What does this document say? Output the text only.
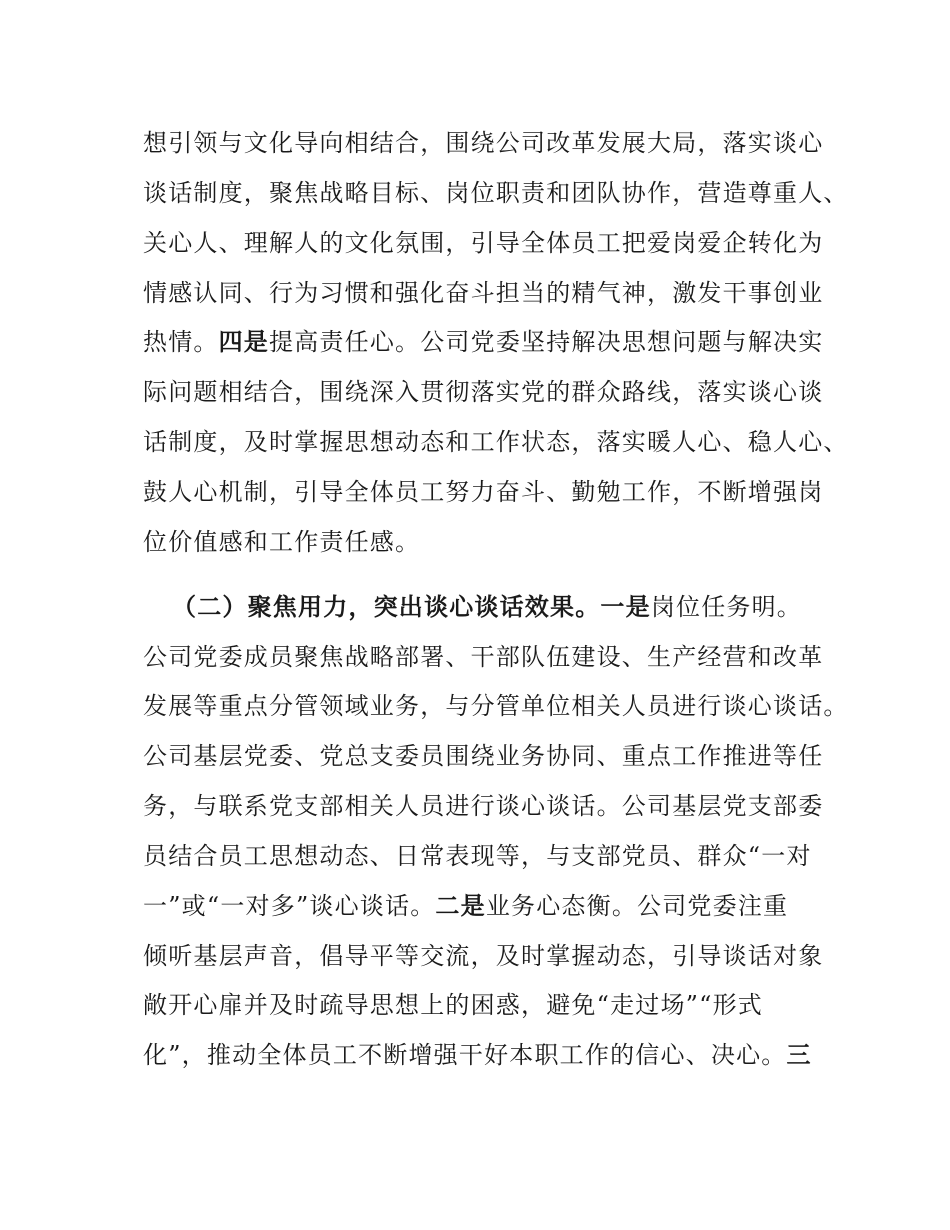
想引领与文化导向相结合，围绕公司改革发展大局，落实谈心
谈话制度，聚焦战略目标、岗位职责和团队协作，营造尊重人、
关心人、理解人的文化氛围，引导全体员工把爱岗爱企转化为
情感认同、行为习惯和强化奋斗担当的精气神，激发干事创业
热情。四是提高责任心。公司党委坚持解决思想问题与解决实
际问题相结合，围绕深入贯彻落实党的群众路线，落实谈心谈
话制度，及时掌握思想动态和工作状态，落实暖人心、稳人心、
鼓人心机制，引导全体员工努力奋斗、勤勉工作，不断增强岗
位价值感和工作责任感。
（二）聚焦用力，突出谈心谈话效果。一是岗位任务明。
公司党委成员聚焦战略部署、干部队伍建设、生产经营和改革
发展等重点分管领域业务，与分管单位相关人员进行谈心谈话。
公司基层党委、党总支委员围绕业务协同、重点工作推进等任
务，与联系党支部相关人员进行谈心谈话。公司基层党支部委
员结合员工思想动态、日常表现等，与支部党员、群众“一对
一”或“一对多”谈心谈话。二是业务心态衡。公司党委注重
倾听基层声音，倡导平等交流，及时掌握动态，引导谈话对象
敞开心扉并及时疏导思想上的困惑，避免“走过场”“形式
化”，推动全体员工不断增强干好本职工作的信心、决心。三
